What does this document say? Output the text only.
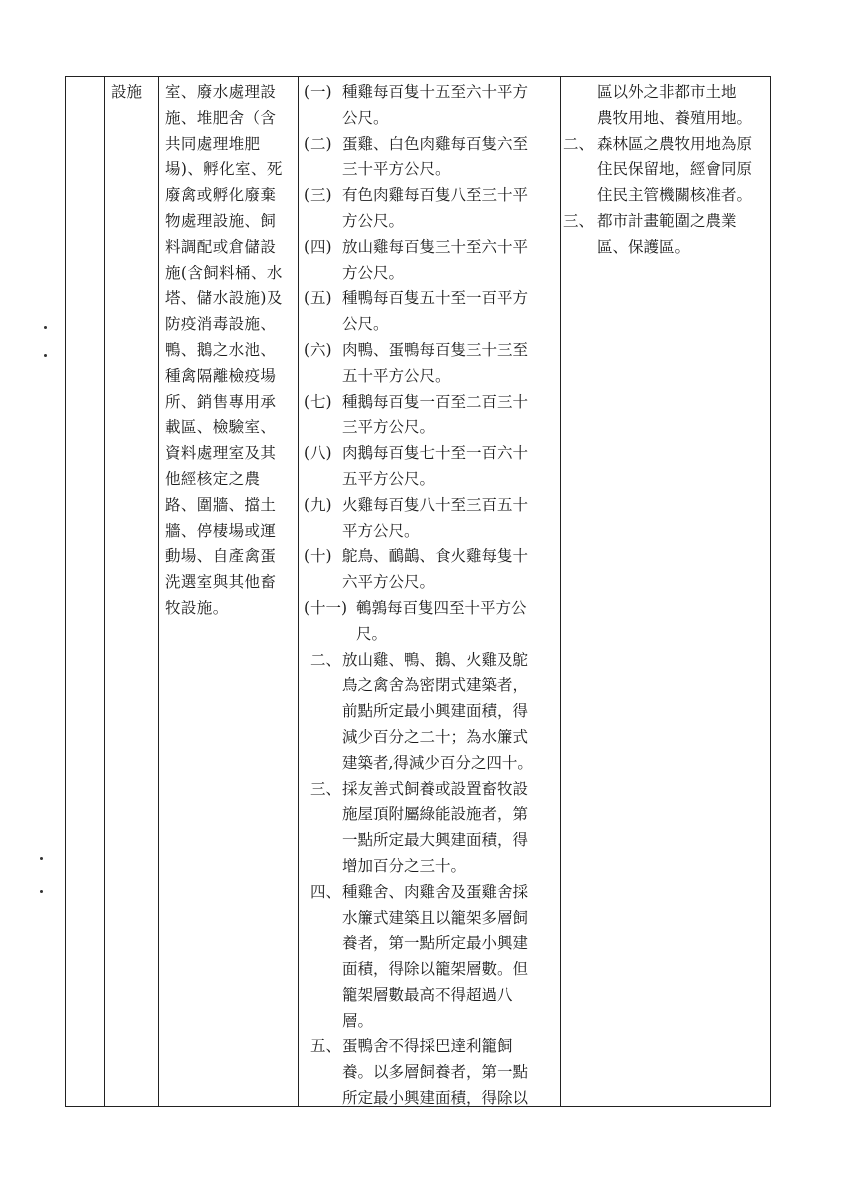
設施	室、廢水處理設
施、堆肥舍（含
共同處理堆肥
場)、孵化室、死
廢禽或孵化廢棄
物處理設施、飼
料調配或倉儲設
施(含飼料桶、水
塔、儲水設施)及
防疫消毒設施、
鴨、鵝之水池、
種禽隔離檢疫場
所、銷售專用承
載區、檢驗室、
資料處理室及其
他經核定之農
路、圍牆、擋土
牆、停棲場或運
動場、自產禽蛋
洗選室與其他畜
牧設施。
(一) 種雞每百隻十五至六十平方
公尺。
(二) 蛋雞、白色肉雞每百隻六至
三十平方公尺。
(三) 有色肉雞每百隻八至三十平
方公尺。
(四) 放山雞每百隻三十至六十平
方公尺。
(五) 種鴨每百隻五十至一百平方
公尺。
(六) 肉鴨、蛋鴨每百隻三十三至
五十平方公尺。
(七) 種鵝每百隻一百至二百三十
三平方公尺。
(八) 肉鵝每百隻七十至一百六十
五平方公尺。
(九) 火雞每百隻八十至三百五十
平方公尺。
(十) 鴕鳥、鴯鶓、食火雞每隻十
六平方公尺。
(十一) 鵪鶉每百隻四至十平方公
尺。
二、 放山雞、鴨、鵝、火雞及鴕
鳥之禽舍為密閉式建築者，
前點所定最小興建面積，得
減少百分之二十；為水簾式
建築者,得減少百分之四十。
三、 採友善式飼養或設置畜牧設
施屋頂附屬綠能設施者，第
一點所定最大興建面積，得
增加百分之三十。
四、 種雞舍、肉雞舍及蛋雞舍採
水簾式建築且以籠架多層飼
養者，第一點所定最小興建
面積，得除以籠架層數。但
籠架層數最高不得超過八
層。
五、 蛋鴨舍不得採巴達利籠飼
養。以多層飼養者，第一點
所定最小興建面積，得除以
區以外之非都市土地
農牧用地、養殖用地。
二、 森林區之農牧用地為原
住民保留地，經會同原
住民主管機關核准者。
三、 都市計畫範圍之農業
區、保護區。
